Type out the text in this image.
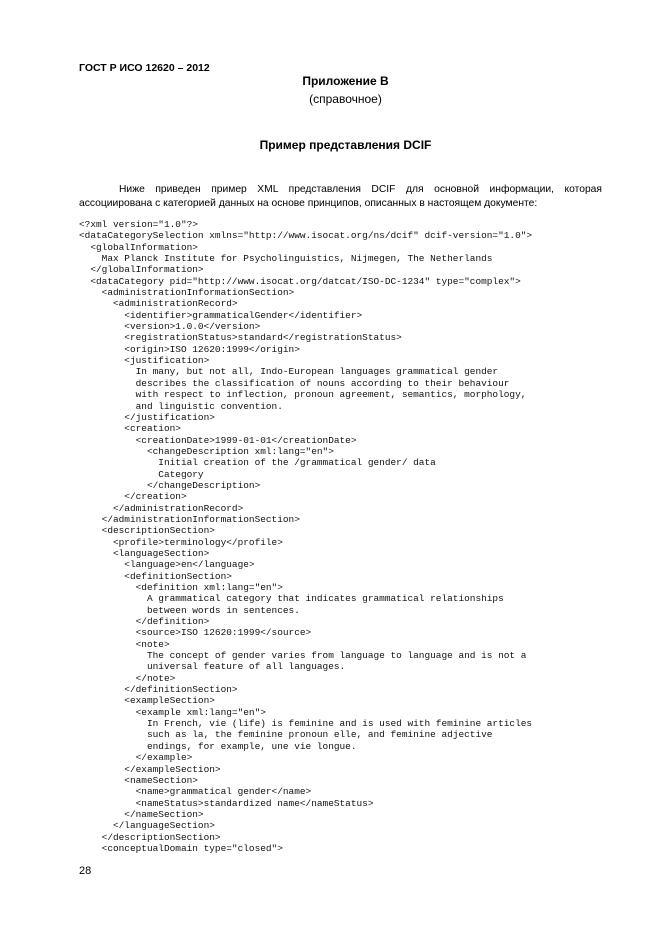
ГОСТ Р ИСО 12620 – 2012
Приложение В
(справочное)
Пример представления DCIF

Ниже приведен пример XML представления DCIF для основной информации, которая ассоциирована с категорией данных на основе принципов, описанных в настоящем документе:

<?xml version="1.0"?>
<dataCategorySelection xmlns="http://www.isocat.org/ns/dcif" dcif-version="1.0">
<globalInformation>
Max Planck Institute for Psycholinguistics, Nijmegen, The Netherlands
</globalInformation>
<dataCategory pid="http://www.isocat.org/datcat/ISO-DC-1234" type="complex">
<administrationInformationSection>
<administrationRecord>
<identifier>grammaticalGender</identifier>
<version>1.0.0</version>
<registrationStatus>standard</registrationStatus>
<origin>ISO 12620:1999</origin>
<justification>
In many, but not all, Indo-European languages grammatical gender
describes the classification of nouns according to their behaviour
with respect to inflection, pronoun agreement, semantics, morphology,
and linguistic convention.
</justification>
<creation>
<creationDate>1999-01-01</creationDate>
<changeDescription xml:lang="en">
Initial creation of the /grammatical gender/ data
Category
</changeDescription>
</creation>
</administrationRecord>
</administrationInformationSection>
<descriptionSection>
<profile>terminology</profile>
<languageSection>
<language>en</language>
<definitionSection>
<definition xml:lang="en">
A grammatical category that indicates grammatical relationships
between words in sentences.
</definition>
<source>ISO 12620:1999</source>
<note>
The concept of gender varies from language to language and is not a
universal feature of all languages.
</note>
</definitionSection>
<exampleSection>
<example xml:lang="en">
In French, vie (life) is feminine and is used with feminine articles
such as la, the feminine pronoun elle, and feminine adjective
endings, for example, une vie longue.
</example>
</exampleSection>
<nameSection>
<name>grammatical gender</name>
<nameStatus>standardized name</nameStatus>
</nameSection>
</languageSection>
</descriptionSection>
<conceptualDomain type="closed">
28
